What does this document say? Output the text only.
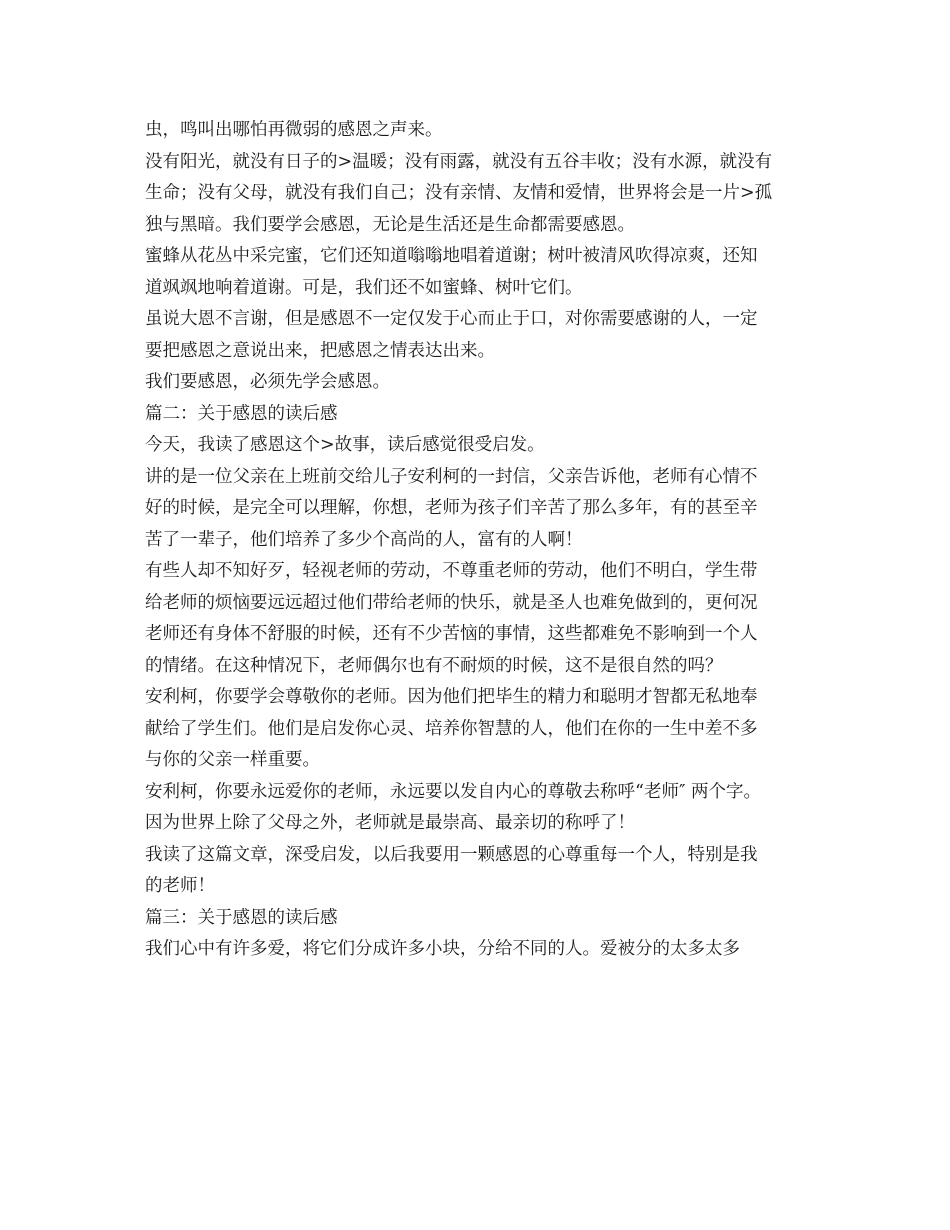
虫，鸣叫出哪怕再微弱的感恩之声来。

没有阳光，就没有日子的>温暖；没有雨露，就没有五谷丰收；没有水源，就没有

生命；没有父母，就没有我们自己；没有亲情、友情和爱情，世界将会是一片>孤

独与黑暗。我们要学会感恩，无论是生活还是生命都需要感恩。

蜜蜂从花丛中采完蜜，它们还知道嗡嗡地唱着道谢；树叶被清风吹得凉爽，还知

道飒飒地响着道谢。可是，我们还不如蜜蜂、树叶它们。

虽说大恩不言谢，但是感恩不一定仅发于心而止于口，对你需要感谢的人，一定

要把感恩之意说出来，把感恩之情表达出来。

我们要感恩，必须先学会感恩。

篇二：关于感恩的读后感

今天，我读了感恩这个>故事，读后感觉很受启发。

讲的是一位父亲在上班前交给儿子安利柯的一封信，父亲告诉他，老师有心情不

好的时候，是完全可以理解，你想，老师为孩子们辛苦了那么多年，有的甚至辛

苦了一辈子，他们培养了多少个高尚的人，富有的人啊！

有些人却不知好歹，轻视老师的劳动，不尊重老师的劳动，他们不明白，学生带

给老师的烦恼要远远超过他们带给老师的快乐，就是圣人也难免做到的，更何况

老师还有身体不舒服的时候，还有不少苦恼的事情，这些都难免不影响到一个人

的情绪。在这种情况下，老师偶尔也有不耐烦的时候，这不是很自然的吗？

安利柯，你要学会尊敬你的老师。因为他们把毕生的精力和聪明才智都无私地奉

献给了学生们。他们是启发你心灵、培养你智慧的人，他们在你的一生中差不多

与你的父亲一样重要。

安利柯，你要永远爱你的老师，永远要以发自内心的尊敬去称呼“老师″ 两个字。

因为世界上除了父母之外，老师就是最崇高、最亲切的称呼了！

我读了这篇文章，深受启发，以后我要用一颗感恩的心尊重每一个人，特别是我

的老师！

篇三：关于感恩的读后感

我们心中有许多爱，将它们分成许多小块，分给不同的人。爱被分的太多太多
